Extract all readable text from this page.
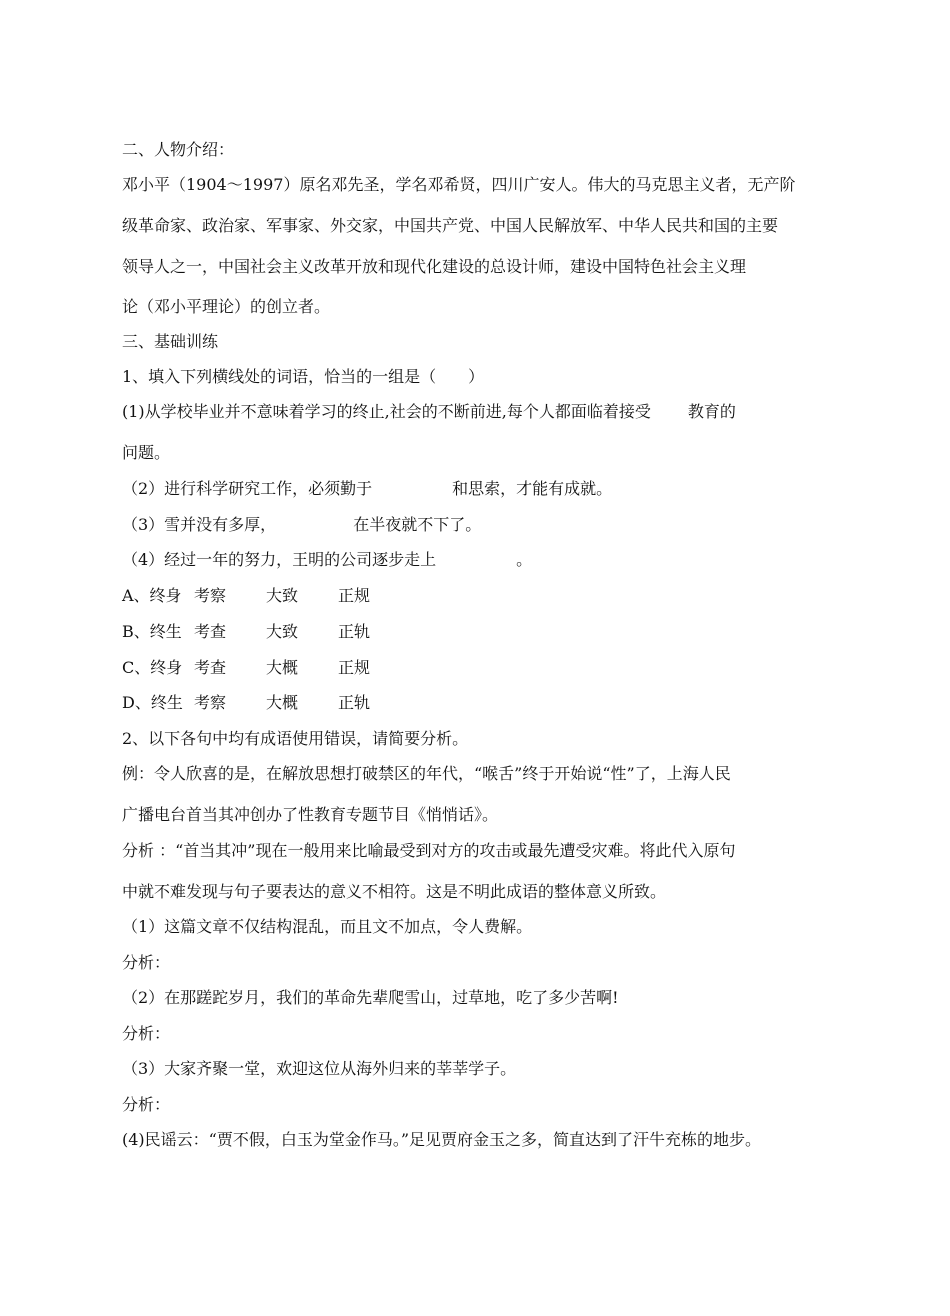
二、人物介绍：

邓小平（1904～1997）原名邓先圣，学名邓希贤，四川广安人。伟大的马克思主义者，无产阶

级革命家、政治家、军事家、外交家，中国共产党、中国人民解放军、中华人民共和国的主要

领导人之一，中国社会主义改革开放和现代化建设的总设计师，建设中国特色社会主义理

论（邓小平理论）的创立者。

三、基础训练

1、填入下列横线处的词语，恰当的一组是（　　）

(1)从学校毕业并不意味着学习的终止,社会的不断前进,每个人都面临着接受　　 教育的

问题。

（2）进行科学研究工作，必须勤于　　　　　和思索，才能有成就。

（3）雪并没有多厚，　　　　　 在半夜就不下了。

（4）经过一年的努力，王明的公司逐步走上　　　　　。

A、终身 考察 大致 正规

B、终生 考查 大致 正轨

C、终身 考查 大概 正规

D、终生 考察 大概 正轨

2、以下各句中均有成语使用错误，请简要分析。

例：令人欣喜的是，在解放思想打破禁区的年代，“喉舌”终于开始说“性”了，上海人民

广播电台首当其冲创办了性教育专题节目《悄悄话》。

分析 ：“首当其冲”现在一般用来比喻最受到对方的攻击或最先遭受灾难。将此代入原句

中就不难发现与句子要表达的意义不相符。这是不明此成语的整体意义所致。

（1）这篇文章不仅结构混乱，而且文不加点，令人费解。

分析：

（2）在那蹉跎岁月，我们的革命先辈爬雪山，过草地，吃了多少苦啊!

分析：

（3）大家齐聚一堂，欢迎这位从海外归来的莘莘学子。

分析：

(4)民谣云：“贾不假，白玉为堂金作马。”足见贾府金玉之多，简直达到了汗牛充栋的地步。
